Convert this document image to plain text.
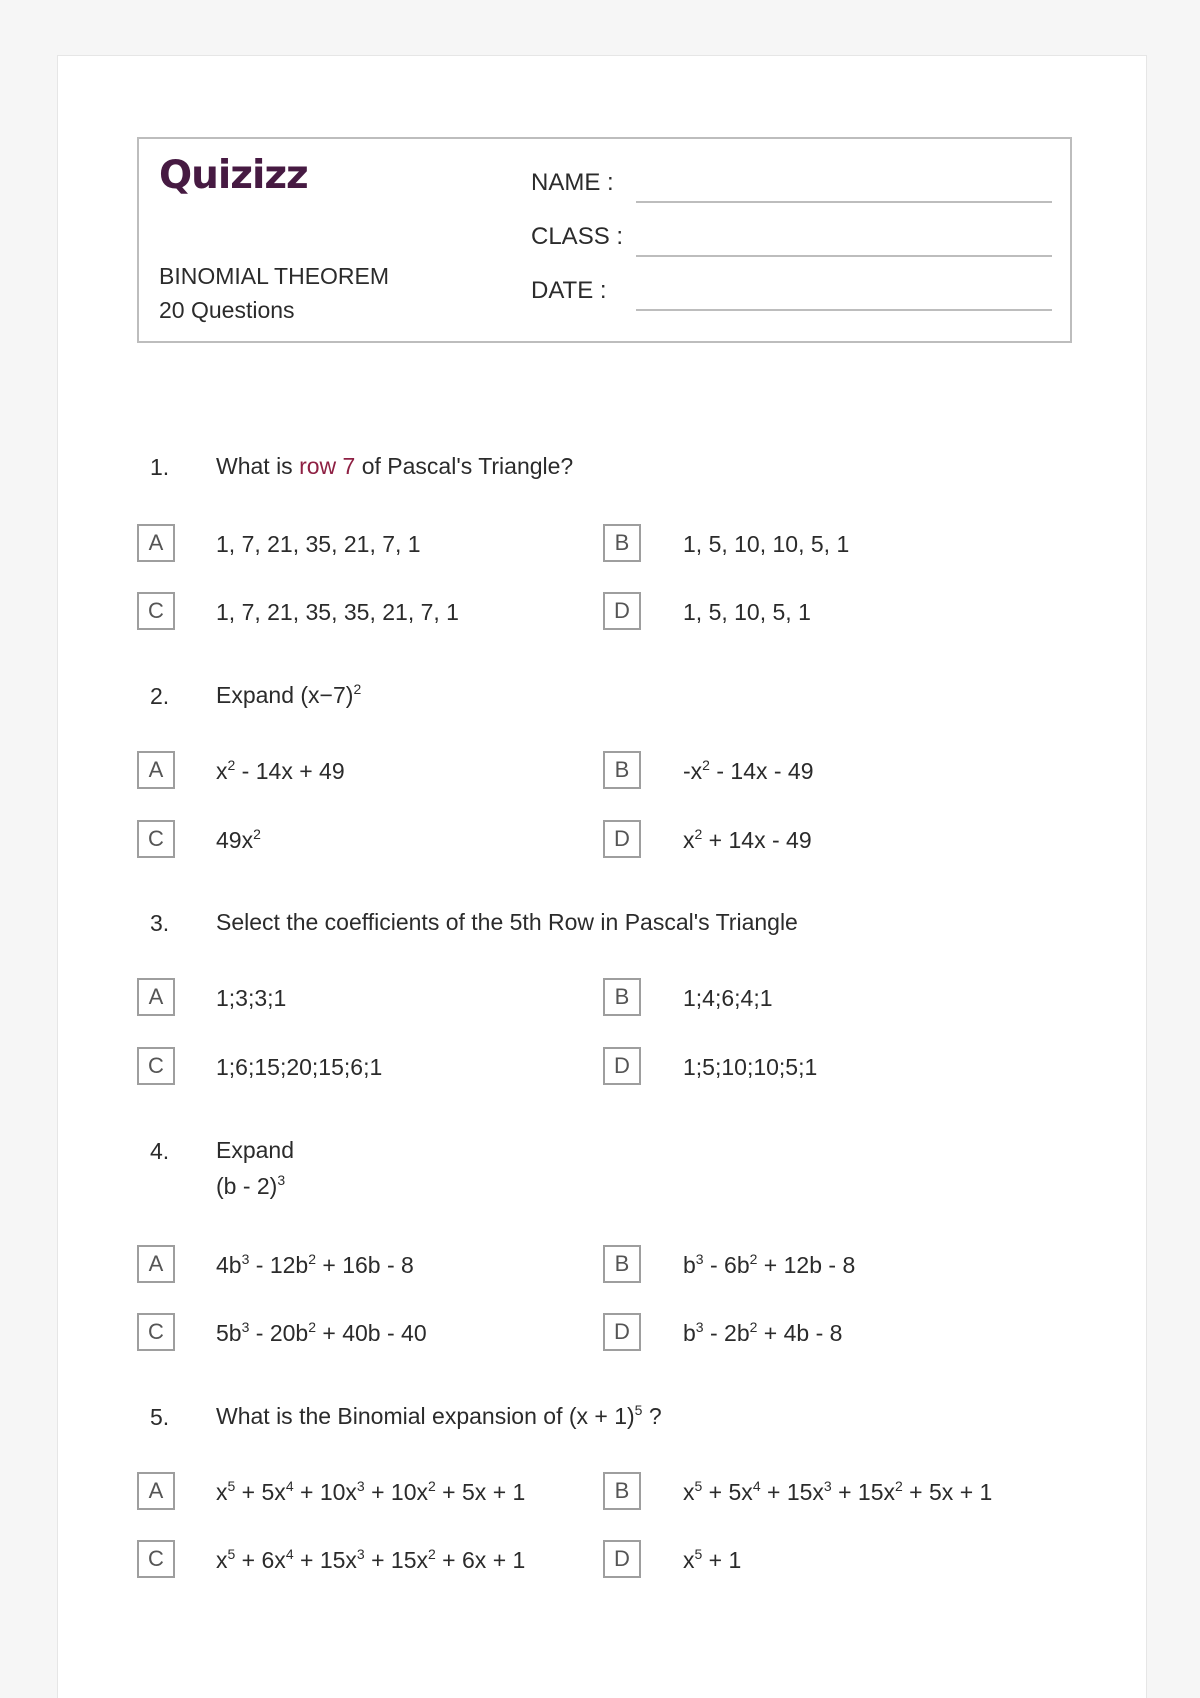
Quizizz
BINOMIAL THEOREM
20 Questions
NAME :
CLASS :
DATE :
1.	What is row 7 of Pascal's Triangle?
A	1, 7, 21, 35, 21, 7, 1	B	1, 5, 10, 10, 5, 1
C	1, 7, 21, 35, 35, 21, 7, 1	D	1, 5, 10, 5, 1
2.	Expand $(x-7)^2$
A	$x^2 - 14x + 49$	B	$-x^2 - 14x - 49$
C	$49x^2$	D	$x^2 + 14x - 49$
3.	Select the coefficients of the 5th Row in Pascal's Triangle
A	1;3;3;1	B	1;4;6;4;1
C	1;6;15;20;15;6;1	D	1;5;10;10;5;1
4.	Expand
(b - 2)$^3$
A	$4b^3 - 12b^2 + 16b - 8$	B	$b^3 - 6b^2 + 12b - 8$
C	$5b^3 - 20b^2 + 40b - 40$	D	$b^3 - 2b^2 + 4b - 8$
5.	What is the Binomial expansion of $(x + 1)^5$ ?
A	$x^5 + 5x^4 + 10x^3 + 10x^2 + 5x + 1$	B	$x^5 + 5x^4 + 15x^3 + 15x^2 + 5x + 1$
C	$x^5 + 6x^4 + 15x^3 + 15x^2 + 6x + 1$	D	$x^5 + 1$
